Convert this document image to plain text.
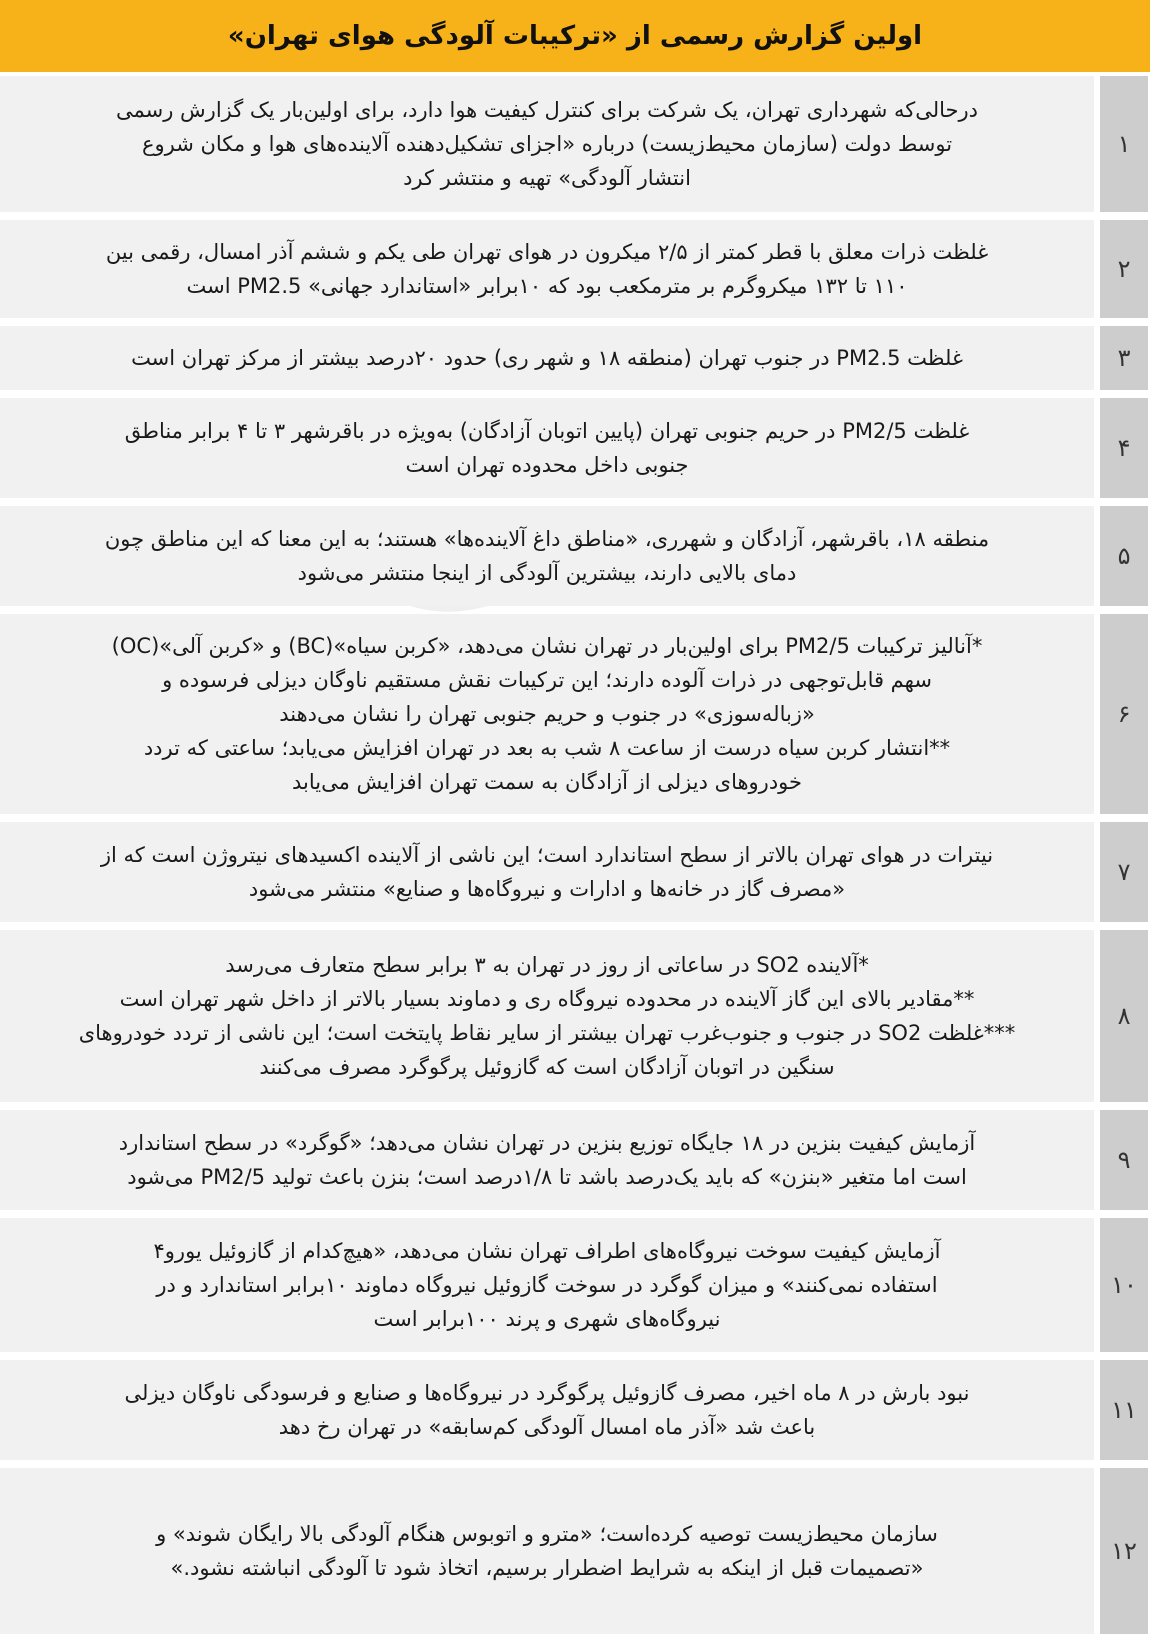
اولین گزارش رسمی از «ترکیبات آلودگی هوای تهران»
۱
درحالی‌که شهرداری تهران، یک شرکت برای کنترل کیفیت هوا دارد، برای اولین‌بار یک گزارش رسمی
توسط دولت (سازمان محیط‌زیست) درباره «اجزای تشکیل‌دهنده آلاینده‌های هوا و مکان شروع
انتشار آلودگی» تهیه و منتشر کرد
۲
غلظت ذرات معلق با قطر کمتر از ۲/۵ میکرون در هوای تهران طی یکم و ششم آذر امسال، رقمی بین
۱۱۰ تا ۱۳۲ میکروگرم بر مترمکعب بود که ۱۰برابر «استاندارد جهانی» PM2.5 است
۳
غلظت PM2.5 در جنوب تهران (منطقه ۱۸ و شهر ری) حدود ۲۰درصد بیشتر از مرکز تهران است
۴
غلظت PM2/5 در حریم جنوبی تهران (پایین اتوبان آزادگان) به‌ویژه در باقرشهر ۳ تا ۴ برابر مناطق
جنوبی داخل محدوده تهران است
۵
منطقه ۱۸، باقرشهر، آزادگان و شهرری، «مناطق داغ آلاینده‌ها» هستند؛ به این معنا که این مناطق چون
دمای بالایی دارند، بیشترین آلودگی از اینجا منتشر می‌شود
۶
*آنالیز ترکیبات PM2/5 برای اولین‌بار در تهران نشان می‌دهد، «کربن سیاه»(BC) و «کربن آلی»(OC)
سهم قابل‌توجهی در ذرات آلوده دارند؛ این ترکیبات نقش مستقیم ناوگان دیزلی فرسوده و
«زباله‌سوزی» در جنوب و حریم جنوبی تهران را نشان می‌دهند
**انتشار کربن سیاه درست از ساعت ۸ شب به بعد در تهران افزایش می‌یابد؛ ساعتی که تردد
خودروهای دیزلی از آزادگان به سمت تهران افزایش می‌یابد
۷
نیترات در هوای تهران بالاتر از سطح استاندارد است؛ این ناشی از آلاینده اکسیدهای نیتروژن است که از
«مصرف گاز در خانه‌ها و ادارات و نیروگاه‌ها و صنایع» منتشر می‌شود
۸
*آلاینده SO2 در ساعاتی از روز در تهران به ۳ برابر سطح متعارف می‌رسد
**مقادیر بالای این گاز آلاینده در محدوده نیروگاه ری و دماوند بسیار بالاتر از داخل شهر تهران است
***غلظت SO2 در جنوب و جنوب‌غرب تهران بیشتر از سایر نقاط پایتخت است؛ این ناشی از تردد خودروهای
سنگین در اتوبان آزادگان است که گازوئیل پرگوگرد مصرف می‌کنند
۹
آزمایش کیفیت بنزین در ۱۸ جایگاه توزیع بنزین در تهران نشان می‌دهد؛ «گوگرد» در سطح استاندارد
است اما متغیر «بنزن» که باید یک‌درصد باشد تا ۱/۸درصد است؛ بنزن باعث تولید PM2/5 می‌شود
۱۰
آزمایش کیفیت سوخت نیروگاه‌های اطراف تهران نشان می‌دهد، «هیچ‌کدام از گازوئیل یورو۴
استفاده نمی‌کنند» و میزان گوگرد در سوخت گازوئیل نیروگاه دماوند ۱۰برابر استاندارد و در
نیروگاه‌های شهری و پرند ۱۰۰برابر است
۱۱
نبود بارش در ۸ ماه اخیر، مصرف گازوئیل پرگوگرد در نیروگاه‌ها و صنایع و فرسودگی ناوگان دیزلی
باعث شد «آذر ماه امسال آلودگی کم‌سابقه» در تهران رخ دهد
۱۲
سازمان محیط‌زیست توصیه کرده‌است؛ «مترو و اتوبوس هنگام آلودگی بالا رایگان شوند» و
«تصمیمات قبل از اینکه به شرایط اضطرار برسیم، اتخاذ شود تا آلودگی انباشته نشود.»
